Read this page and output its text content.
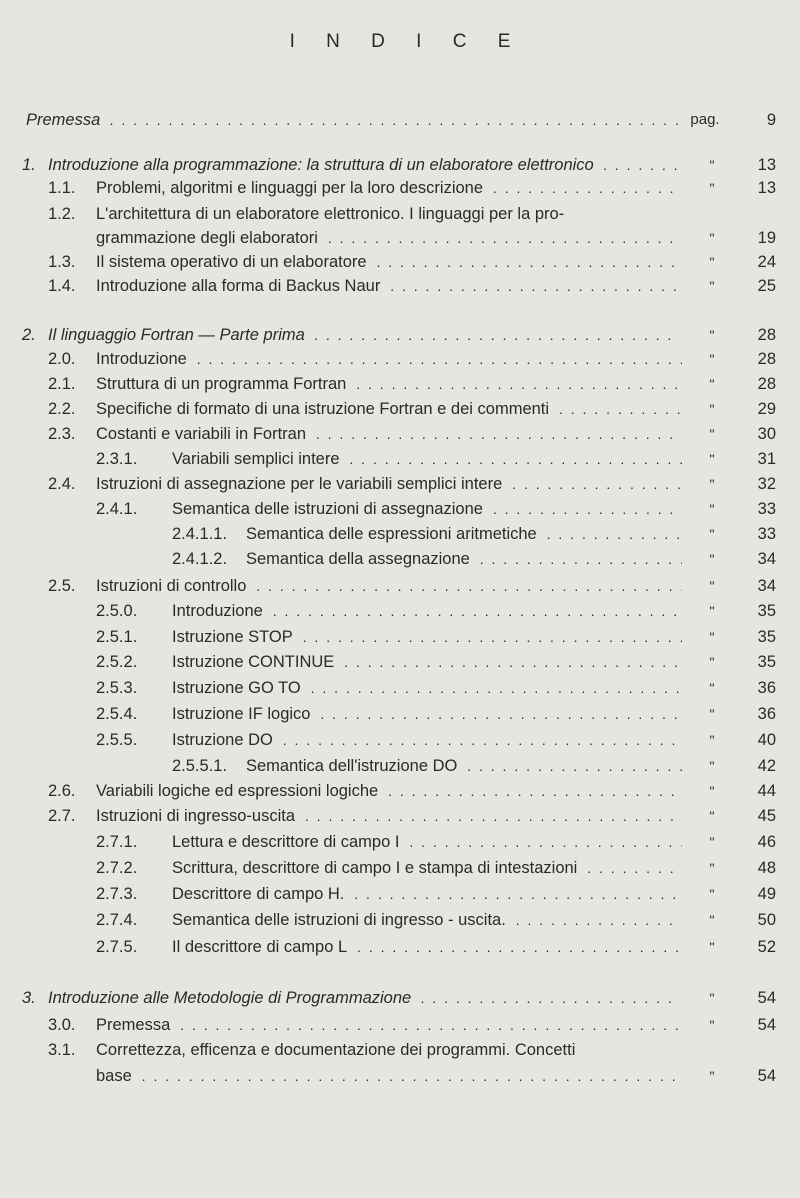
I N D I C E
Premessa . . .	pag.	9
1. Introduzione alla programmazione: la struttura di un elaboratore elettronico . . .	"	13
1.1. Problemi, algoritmi e linguaggi per la loro descrizione . . .	"	13
1.2. L'architettura di un elaboratore elettronico. I linguaggi per la pro-
grammazione degli elaboratori . . .	"	19
1.3. Il sistema operativo di un elaboratore . . .	"	24
1.4. Introduzione alla forma di Backus Naur . . .	"	25
2. Il linguaggio Fortran — Parte prima . . .	"	28
2.0. Introduzione . . .	"	28
2.1. Struttura di un programma Fortran . . .	"	28
2.2. Specifiche di formato di una istruzione Fortran e dei commenti . . .	"	29
2.3. Costanti e variabili in Fortran . . .	"	30
2.3.1. Variabili semplici intere . . .	"	31
2.4. Istruzioni di assegnazione per le variabili semplici intere . . .	"	32
2.4.1. Semantica delle istruzioni di assegnazione . . .	"	33
2.4.1.1. Semantica delle espressioni aritmetiche . . .	"	33
2.4.1.2. Semantica della assegnazione . . .	"	34
2.5. Istruzioni di controllo . . .	"	34
2.5.0. Introduzione . . .	"	35
2.5.1. Istruzione STOP . . .	"	35
2.5.2. Istruzione CONTINUE . . .	"	35
2.5.3. Istruzione GO TO . . .	"	36
2.5.4. Istruzione IF logico . . .	"	36
2.5.5. Istruzione DO . . .	"	40
2.5.5.1. Semantica dell'istruzione DO . . .	"	42
2.6. Variabili logiche ed espressioni logiche . . .	"	44
2.7. Istruzioni di ingresso-uscita . . .	"	45
2.7.1. Lettura e descrittore di campo I . . .	"	46
2.7.2. Scrittura, descrittore di campo I e stampa di intestazioni . . .	"	48
2.7.3. Descrittore di campo H. . . .	"	49
2.7.4. Semantica delle istruzioni di ingresso - uscita. . . .	"	50
2.7.5. Il descrittore di campo L . . .	"	52
3. Introduzione alle Metodologie di Programmazione . . .	"	54
3.0. Premessa . . .	"	54
3.1. Correttezza, efficenza e documentazione dei programmi. Concetti
base . . .	"	54
